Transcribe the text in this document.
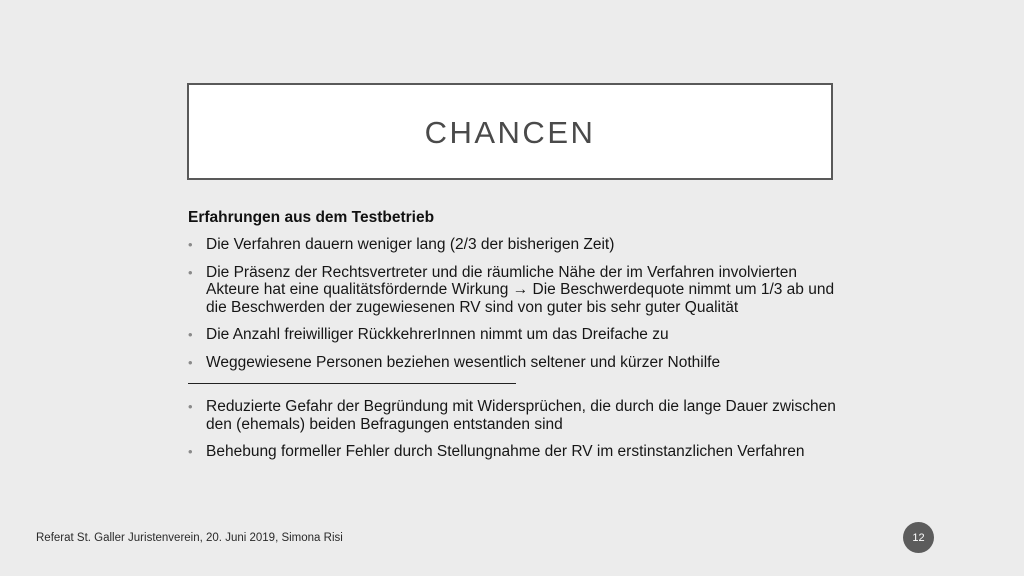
CHANCEN
Erfahrungen aus dem Testbetrieb
• Die Verfahren dauern weniger lang (2/3 der bisherigen Zeit)
• Die Präsenz der Rechtsvertreter und die räumliche Nähe der im Verfahren involvierten Akteure hat eine qualitätsfördernde Wirkung → Die Beschwerdequote nimmt um 1/3 ab und die Beschwerden der zugewiesenen RV sind von guter bis sehr guter Qualität
• Die Anzahl freiwilliger RückkehrerInnen nimmt um das Dreifache zu
• Weggewiesene Personen beziehen wesentlich seltener und kürzer Nothilfe
• Reduzierte Gefahr der Begründung mit Widersprüchen, die durch die lange Dauer zwischen den (ehemals) beiden Befragungen entstanden sind
• Behebung formeller Fehler durch Stellungnahme der RV im erstinstanzlichen Verfahren
Referat St. Galler Juristenverein, 20. Juni 2019, Simona Risi	12
